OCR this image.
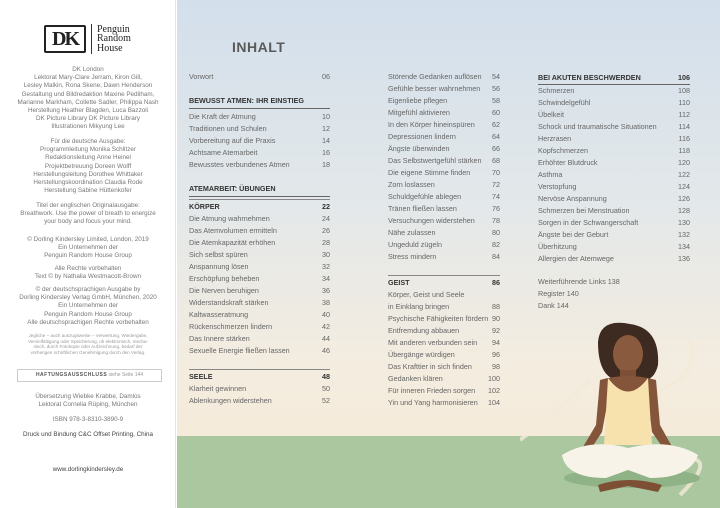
DK	Penguin
Random
House
DK London
Lektorat Mary-Clare Jerram, Kiron Gill,
Lesley Malkin, Rona Skene, Dawn Henderson
Gestaltung und Bildredaktion Maxine Pedliham,
Marianne Markham, Collette Sadler, Philippa Nash
Herstellung Heather Blagden, Luca Bazzoli
DK Picture Library DK Picture Library
Illustrationen Mikyung Lee
Für die deutsche Ausgabe:
Programmleitung Monika Schlitzer
Redaktionsleitung Anne Heinel
Projektbetreuung Doreen Wolff
Herstellungsleitung Dorothee Whittaker
Herstellungskoordination Claudia Rode
Herstellung Sabine Hüttenkofer
Titel der englischen Originalausgabe:
Breathwork. Use the power of breath to energize
your body and focus your mind.
© Dorling Kindersley Limited, London, 2019
Ein Unternehmen der
Penguin Random House Group
Alle Rechte vorbehalten
Text © by Nathalia Westmacott-Brown
© der deutschsprachigen Ausgabe by
Dorling Kindersley Verlag GmbH, München, 2020
Ein Unternehmen der
Penguin Random House Group
Alle deutschsprachigen Rechte vorbehalten
Jegliche – auch auszugsweise – Verwertung, Wiedergabe,
Vervielfältigung oder Speicherung, ob elektronisch, mecha-
nisch, durch Fotokopie oder Aufzeichnung, bedarf der
vorherigen schriftlichen Genehmigung durch den Verlag.
HAFTUNGSAUSSCHLUSS siehe Seite 144
Übersetzung Wiebke Krabbe, Damlos
Lektorat Cornelia Rüping, München
ISBN 978-3-8310-3890-9
Druck und Bindung C&C Offset Printing, China
www.dorlingkindersley.de
INHALT
Vorwort	06
BEWUSST ATMEN: IHR EINSTIEG
Die Kraft der Atmung	10
Traditionen und Schulen	12
Vorbereitung auf die Praxis	14
Achtsame Atemarbeit	16
Bewusstes verbundenes Atmen	18
ATEMARBEIT: ÜBUNGEN
KÖRPER	22
Die Atmung wahrnehmen	24
Das Atemvolumen ermitteln	26
Die Atemkapazität erhöhen	28
Sich selbst spüren	30
Anspannung lösen	32
Erschöpfung beheben	34
Die Nerven beruhigen	36
Widerstandskraft stärken	38
Kaltwasseratmung	40
Rückenschmerzen lindern	42
Das Innere stärken	44
Sexuelle Energie fließen lassen	46
SEELE	48
Klarheit gewinnen	50
Ablenkungen widerstehen	52
Störende Gedanken auflösen 54
Gefühle besser wahrnehmen 56
Eigenliebe pflegen	58
Mitgefühl aktivieren	60
In den Körper hineinspüren 62
Depressionen lindern	64
Ängste überwinden	66
Das Selbstwertgefühl stärken 68
Die eigene Stimme finden	70
Zorn loslassen	72
Schuldgefühle ablegen	74
Tränen fließen lassen	76
Versuchungen widerstehen 78
Nähe zulassen	80
Ungeduld zügeln	82
Stress mindern	84
GEIST	86
Körper, Geist und Seele
in Einklang bringen	88
Psychische Fähigkeiten fördern 90
Entfremdung abbauen	92
Mit anderen verbunden sein 94
Übergänge würdigen	96
Das Krafttier in sich finden	98
Gedanken klären	100
Für inneren Frieden sorgen 102
Yin und Yang harmonisieren 104
BEI AKUTEN BESCHWERDEN	106
Schmerzen	108
Schwindelgefühl	110
Übelkeit	112
Schock und traumatische Situationen	114
Herzrasen	116
Kopfschmerzen	118
Erhöhter Blutdruck	120
Asthma	122
Verstopfung	124
Nervöse Anspannung	126
Schmerzen bei Menstruation	128
Sorgen in der Schwangerschaft	130
Ängste bei der Geburt	132
Überhitzung	134
Allergien der Atemwege	136
Weiterführende Links 138
Register 140
Dank 144
